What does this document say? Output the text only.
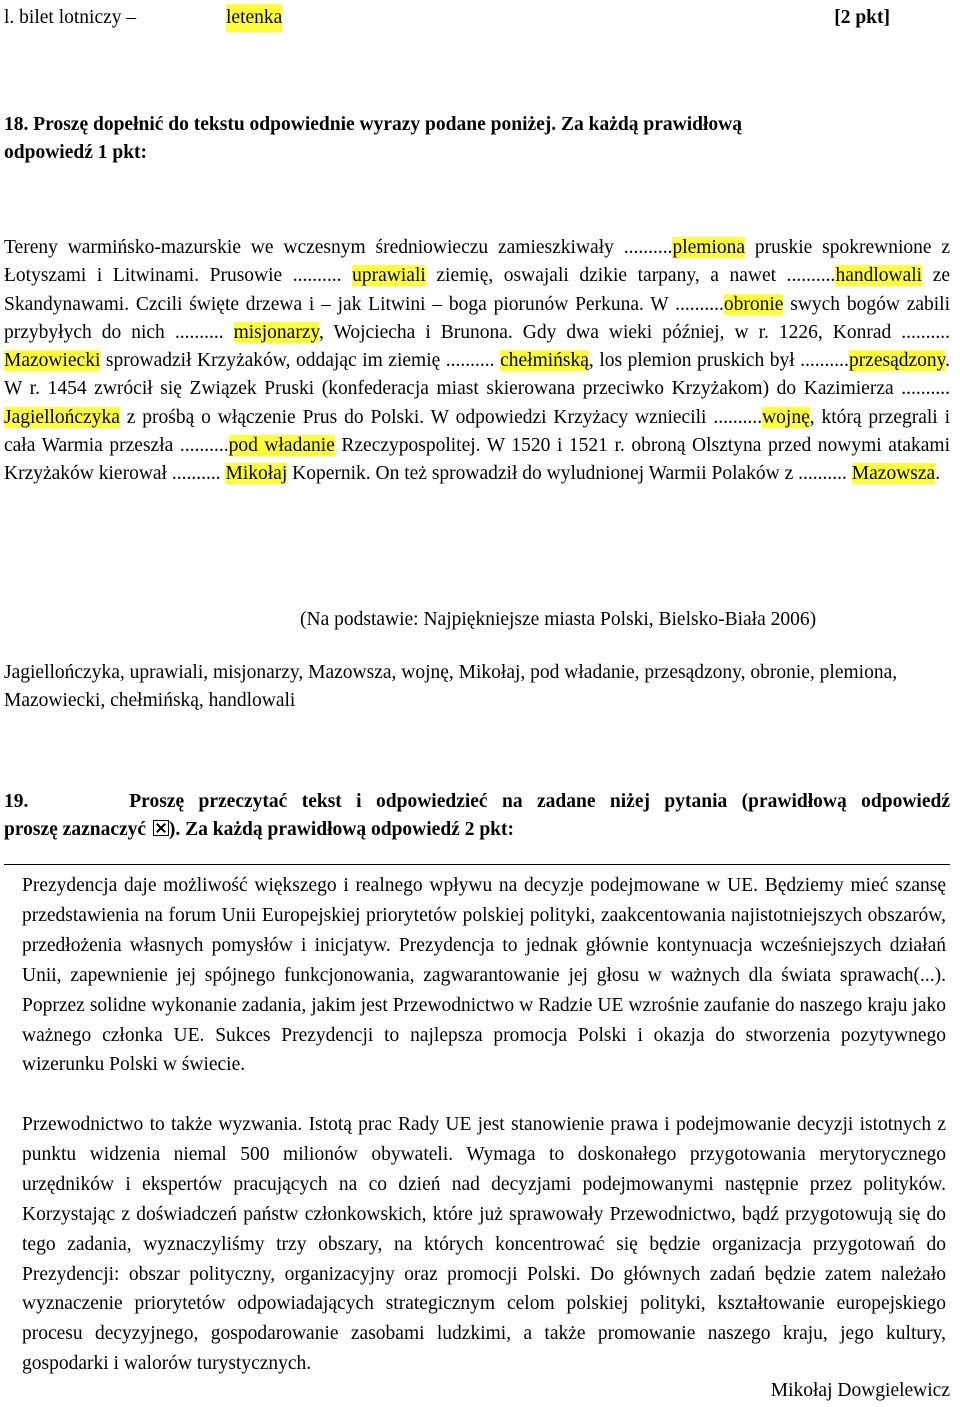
l. bilet lotniczy –	letenka	[2 pkt]
18. Proszę dopełnić do tekstu odpowiednie wyrazy podane poniżej. Za każdą prawidłową
odpowiedź 1 pkt:
Tereny warmińsko-mazurskie we wczesnym średniowieczu zamieszkiwały ..........plemiona pruskie spokrewnione z Łotyszami i Litwinami. Prusowie .......... uprawiali ziemię, oswajali dzikie tarpany, a nawet ..........handlowali ze Skandynawami. Czcili święte drzewa i – jak Litwini – boga piorunów Perkuna. W ..........obronie swych bogów zabili przybyłych do nich .......... misjonarzy, Wojciecha i Brunona. Gdy dwa wieki później, w r. 1226, Konrad .......... Mazowiecki sprowadził Krzyżaków, oddając im ziemię .......... chełmińską, los plemion pruskich był ..........przesądzony. W r. 1454 zwrócił się Związek Pruski (konfederacja miast skierowana przeciwko Krzyżakom) do Kazimierza .......... Jagiellończyka z prośbą o włączenie Prus do Polski. W odpowiedzi Krzyżacy wzniecili ..........wojnę, którą przegrali i cała Warmia przeszła ..........pod władanie Rzeczypospolitej. W 1520 i 1521 r. obroną Olsztyna przed nowymi atakami Krzyżaków kierował .......... Mikołaj Kopernik. On też sprowadził do wyludnionej Warmii Polaków z .......... Mazowsza.
(Na podstawie: Najpiękniejsze miasta Polski, Bielsko-Biała 2006)
Jagiellończyka, uprawiali, misjonarzy, Mazowsza, wojnę, Mikołaj, pod władanie, przesądzony, obronie, plemiona, Mazowiecki, chełmińską, handlowali
19.	Proszę przeczytać tekst i odpowiedzieć na zadane niżej pytania (prawidłową odpowiedź
proszę zaznaczyć ). Za każdą prawidłową odpowiedź 2 pkt:
Prezydencja daje możliwość większego i realnego wpływu na decyzje podejmowane w UE. Będziemy mieć szansę przedstawienia na forum Unii Europejskiej priorytetów polskiej polityki, zaakcentowania najistotniejszych obszarów, przedłożenia własnych pomysłów i inicjatyw. Prezydencja to jednak głównie kontynuacja wcześniejszych działań Unii, zapewnienie jej spójnego funkcjonowania, zagwarantowanie jej głosu w ważnych dla świata sprawach(...). Poprzez solidne wykonanie zadania, jakim jest Przewodnictwo w Radzie UE wzrośnie zaufanie do naszego kraju jako ważnego członka UE. Sukces Prezydencji to najlepsza promocja Polski i okazja do stworzenia pozytywnego wizerunku Polski w świecie.
Przewodnictwo to także wyzwania. Istotą prac Rady UE jest stanowienie prawa i podejmowanie decyzji istotnych z punktu widzenia niemal 500 milionów obywateli. Wymaga to doskonałego przygotowania merytorycznego urzędników i ekspertów pracujących na co dzień nad decyzjami podejmowanymi następnie przez polityków. Korzystając z doświadczeń państw członkowskich, które już sprawowały Przewodnictwo, bądź przygotowują się do tego zadania, wyznaczyliśmy trzy obszary, na których koncentrować się będzie organizacja przygotowań do Prezydencji: obszar polityczny, organizacyjny oraz promocji Polski. Do głównych zadań będzie zatem należało wyznaczenie priorytetów odpowiadających strategicznym celom polskiej polityki, kształtowanie europejskiego procesu decyzyjnego, gospodarowanie zasobami ludzkimi, a także promowanie naszego kraju, jego kultury, gospodarki i walorów turystycznych.
Mikołaj Dowgielewicz
